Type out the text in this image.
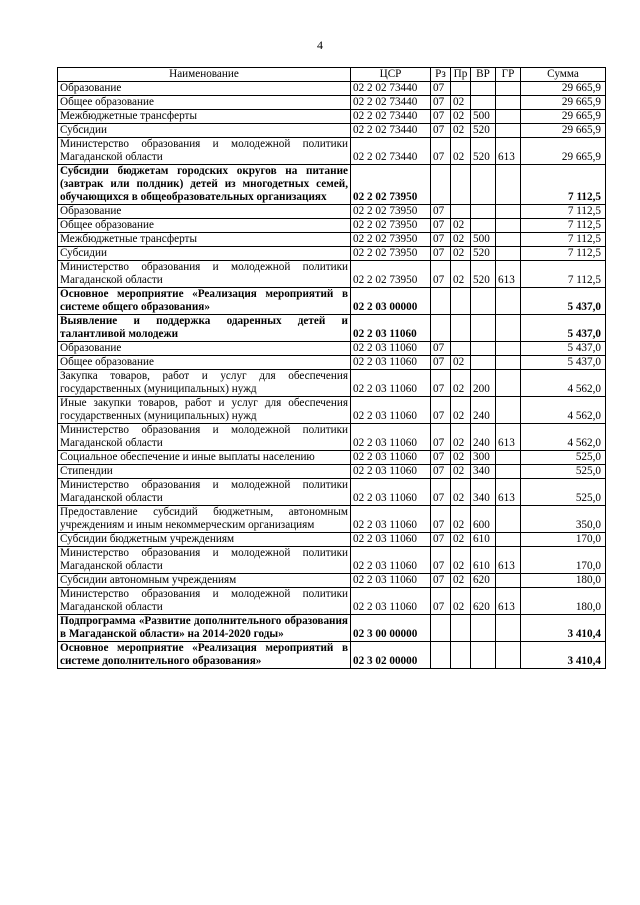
4
Наименование	ЦСР	Рз	Пр	ВР	ГР	Сумма
Образование	02 2 02 73440	07				29 665,9
Общее образование	02 2 02 73440	07	02			29 665,9
Межбюджетные трансферты	02 2 02 73440	07	02	500		29 665,9
Субсидии	02 2 02 73440	07	02	520		29 665,9
Министерство образования и молодежной политики Магаданской области	02 2 02 73440	07	02	520	613	29 665,9
Субсидии бюджетам городских округов на питание (завтрак или полдник) детей из многодетных семей, обучающихся в общеобразовательных организациях	02 2 02 73950					7 112,5
Образование	02 2 02 73950	07				7 112,5
Общее образование	02 2 02 73950	07	02			7 112,5
Межбюджетные трансферты	02 2 02 73950	07	02	500		7 112,5
Субсидии	02 2 02 73950	07	02	520		7 112,5
Министерство образования и молодежной политики Магаданской области	02 2 02 73950	07	02	520	613	7 112,5
Основное мероприятие «Реализация мероприятий в системе общего образования»	02 2 03 00000					5 437,0
Выявление и поддержка одаренных детей и талантливой молодежи	02 2 03 11060					5 437,0
Образование	02 2 03 11060	07				5 437,0
Общее образование	02 2 03 11060	07	02			5 437,0
Закупка товаров, работ и услуг для обеспечения государственных (муниципальных) нужд	02 2 03 11060	07	02	200		4 562,0
Иные закупки товаров, работ и услуг для обеспечения государственных (муниципальных) нужд	02 2 03 11060	07	02	240		4 562,0
Министерство образования и молодежной политики Магаданской области	02 2 03 11060	07	02	240	613	4 562,0
Социальное обеспечение и иные выплаты населению	02 2 03 11060	07	02	300		525,0
Стипендии	02 2 03 11060	07	02	340		525,0
Министерство образования и молодежной политики Магаданской области	02 2 03 11060	07	02	340	613	525,0
Предоставление субсидий бюджетным, автономным учреждениям и иным некоммерческим организациям	02 2 03 11060	07	02	600		350,0
Субсидии бюджетным учреждениям	02 2 03 11060	07	02	610		170,0
Министерство образования и молодежной политики Магаданской области	02 2 03 11060	07	02	610	613	170,0
Субсидии автономным учреждениям	02 2 03 11060	07	02	620		180,0
Министерство образования и молодежной политики Магаданской области	02 2 03 11060	07	02	620	613	180,0
Подпрограмма «Развитие дополнительного образования в Магаданской области» на 2014-2020 годы»	02 3 00 00000					3 410,4
Основное мероприятие «Реализация мероприятий в системе дополнительного образования»	02 3 02 00000					3 410,4
